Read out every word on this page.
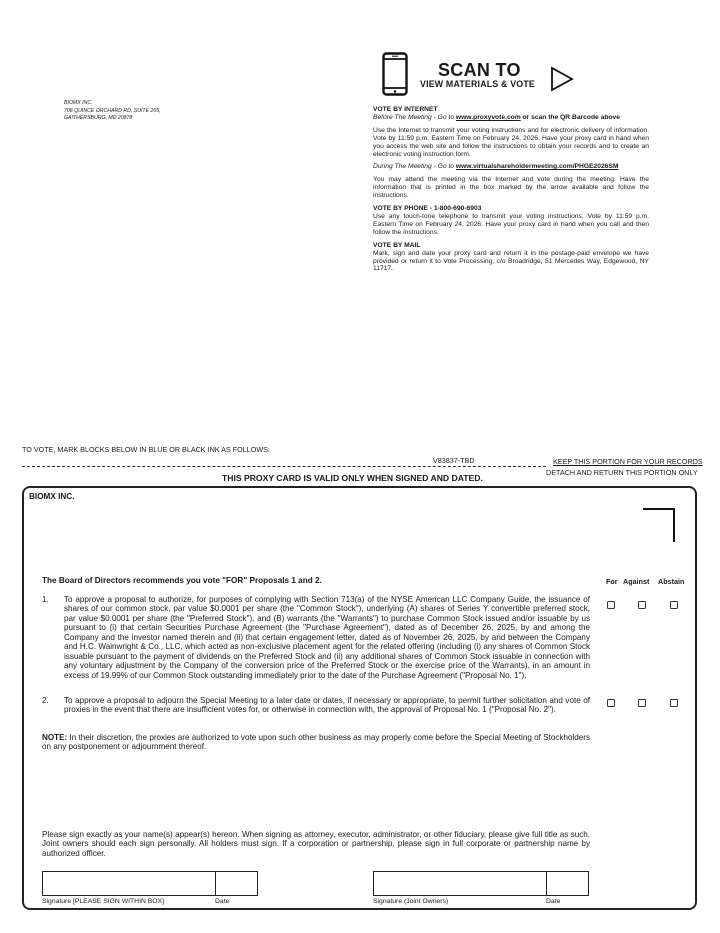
BIOMX INC.
708 QUINCE ORCHARD RD, SUITE 205,
GAITHERSBURG, MD 20878
SCAN TO
VIEW MATERIALS & VOTE

VOTE BY INTERNET

Before The Meeting - Go to www.proxyvote.com or scan the QR Barcode above

Use the Internet to transmit your voting instructions and for electronic delivery of information. Vote by 11:59 p.m. Eastern Time on February 24, 2026. Have your proxy card in hand when you access the web site and follow the instructions to obtain your records and to create an electronic voting instruction form.

During The Meeting - Go to www.virtualshareholdermeeting.com/PHGE2026SM

You may attend the meeting via the Internet and vote during the meeting. Have the information that is printed in the box marked by the arrow available and follow the instructions.

VOTE BY PHONE - 1-800-690-6903

Use any touch-tone telephone to transmit your voting instructions. Vote by 11:59 p.m. Eastern Time on February 24, 2026. Have your proxy card in hand when you call and then follow the instructions.

VOTE BY MAIL

Mark, sign and date your proxy card and return it in the postage-paid envelope we have provided or return it to Vote Processing, c/o Broadridge, 51 Mercedes Way, Edgewood, NY 11717.

TO VOTE, MARK BLOCKS BELOW IN BLUE OR BLACK INK AS FOLLOWS:
V83837-TBD	KEEP THIS PORTION FOR YOUR RECORDS
DETACH AND RETURN THIS PORTION ONLY
THIS PROXY CARD IS VALID ONLY WHEN SIGNED AND DATED.
BIOMX INC.
The Board of Directors recommends you vote "FOR" Proposals 1 and 2.	For Against Abstain
1. To approve a proposal to authorize, for purposes of complying with Section 713(a) of the NYSE American LLC Company Guide, the issuance of shares of our common stock, par value $0.0001 per share (the "Common Stock"), underlying (A) shares of Series Y convertible preferred stock, par value $0.0001 per share (the "Preferred Stock"), and (B) warrants (the "Warrants") to purchase Common Stock issued and/or issuable by us pursuant to (i) that certain Securities Purchase Agreement (the "Purchase Agreement"), dated as of December 26, 2025, by and among the Company and the investor named therein and (ii) that certain engagement letter, dated as of November 26, 2025, by and between the Company and H.C. Wainwright & Co., LLC, which acted as non-exclusive placement agent for the related offering (including (i) any shares of Common Stock issuable pursuant to the payment of dividends on the Preferred Stock and (ii) any additional shares of Common Stock issuable in connection with any voluntary adjustment by the Company of the conversion price of the Preferred Stock or the exercise price of the Warrants), in an amount in excess of 19.99% of our Common Stock outstanding immediately prior to the date of the Purchase Agreement ("Proposal No. 1").
2. To approve a proposal to adjourn the Special Meeting to a later date or dates, if necessary or appropriate, to permit further solicitation and vote of proxies in the event that there are insufficient votes for, or otherwise in connection with, the approval of Proposal No. 1 ("Proposal No. 2").
NOTE: In their discretion, the proxies are authorized to vote upon such other business as may properly come before the Special Meeting of Stockholders on any postponement or adjournment thereof.
Please sign exactly as your name(s) appear(s) hereon. When signing as attorney, executor, administrator, or other fiduciary, please give full title as such. Joint owners should each sign personally. All holders must sign. If a corporation or partnership, please sign in full corporate or partnership name by authorized officer.
Signature [PLEASE SIGN WITHIN BOX]	Date	Signature (Joint Owners)	Date
